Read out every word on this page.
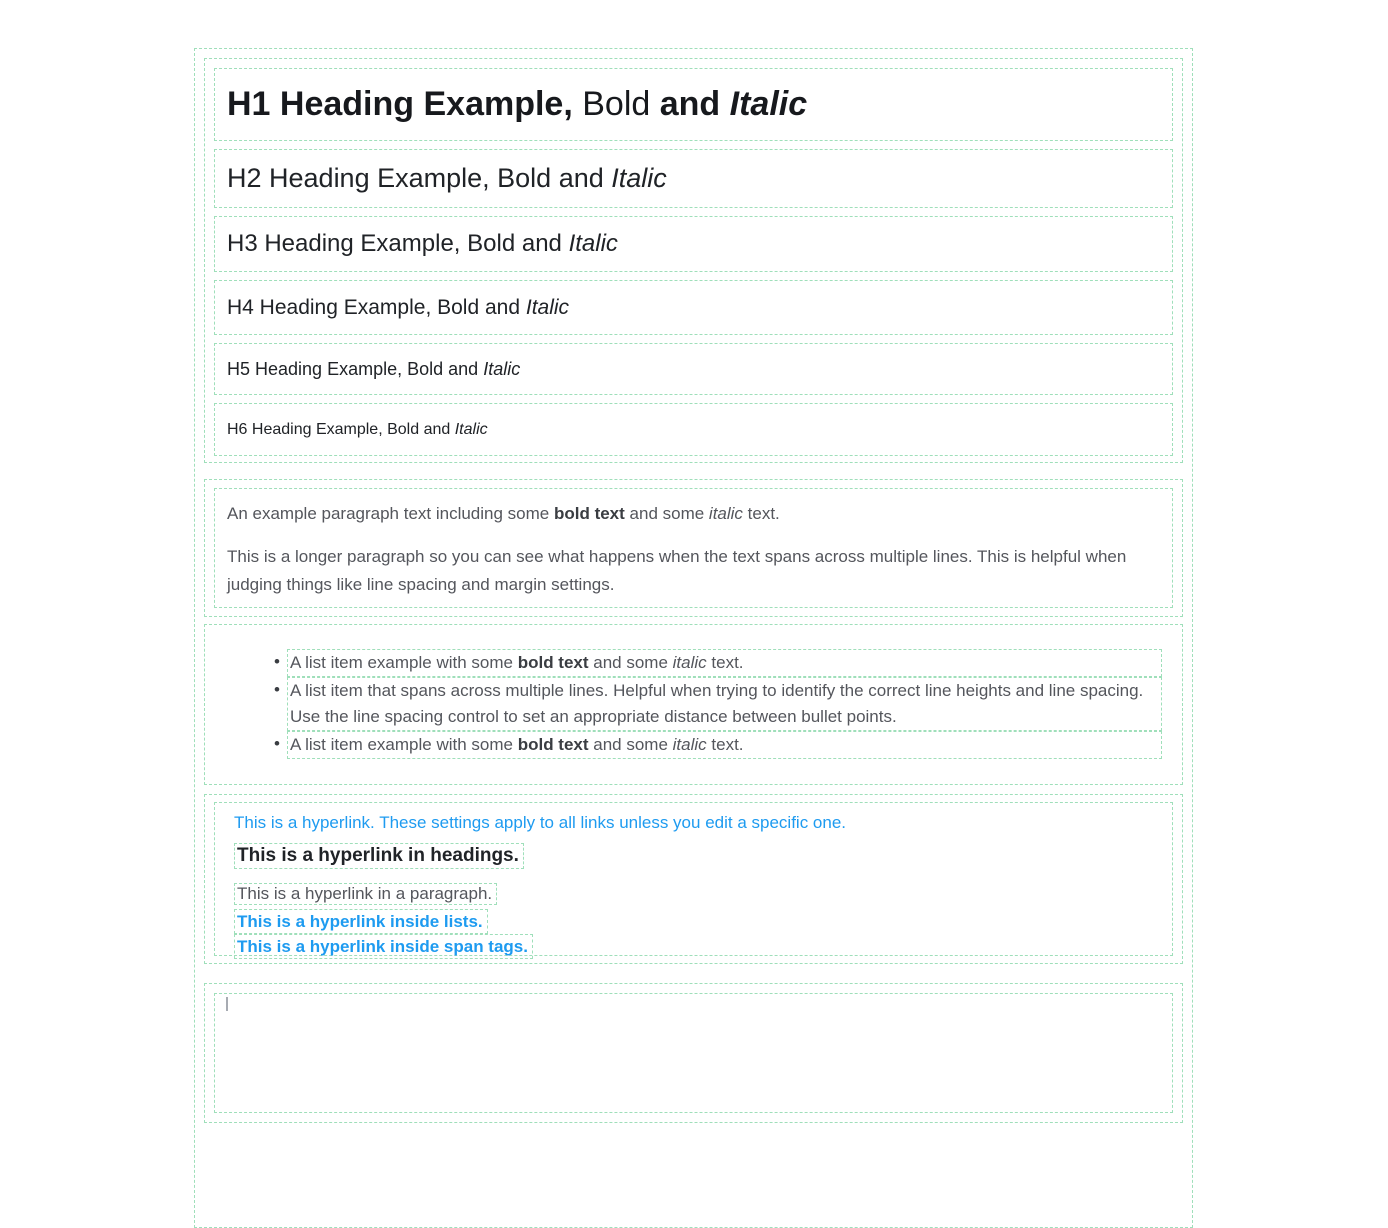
H1 Heading Example, Bold and Italic
H2 Heading Example, Bold and Italic
H3 Heading Example, Bold and Italic
H4 Heading Example, Bold and Italic
H5 Heading Example, Bold and Italic
H6 Heading Example, Bold and Italic

An example paragraph text including some bold text and some italic text.

This is a longer paragraph so you can see what happens when the text spans across multiple lines. This is helpful when judging things like line spacing and margin settings.

• A list item example with some bold text and some italic text.
• A list item that spans across multiple lines. Helpful when trying to identify the correct line heights and line spacing. Use the line spacing control to set an appropriate distance between bullet points.
• A list item example with some bold text and some italic text.
This is a hyperlink. These settings apply to all links unless you edit a specific one.
This is a hyperlink in headings.
This is a hyperlink in a paragraph.
This is a hyperlink inside lists.
This is a hyperlink inside span tags.
